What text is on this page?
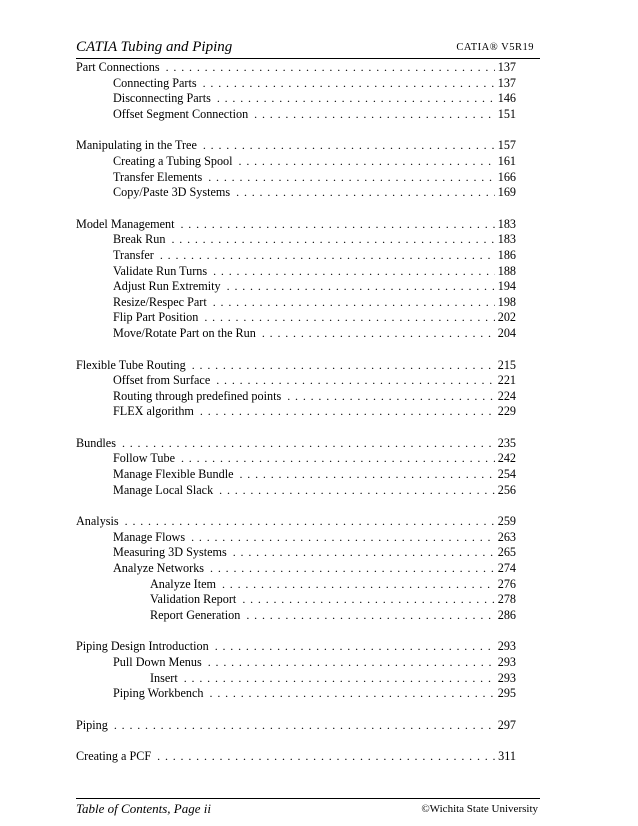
CATIA Tubing and Piping	CATIA® V5R19
Part Connections . . .	137
Connecting Parts . . .	137
Disconnecting Parts . . .	146
Offset Segment Connection . . .	151
Manipulating in the Tree . . .	157
Creating a Tubing Spool . . .	161
Transfer Elements . . .	166
Copy/Paste 3D Systems . . .	169
Model Management . . .	183
Break Run . . .	183
Transfer . . .	186
Validate Run Turns . . .	188
Adjust Run Extremity . . .	194
Resize/Respec Part . . .	198
Flip Part Position . . .	202
Move/Rotate Part on the Run . . .	204
Flexible Tube Routing . . .	215
Offset from Surface . . .	221
Routing through predefined points . . .	224
FLEX algorithm . . .	229
Bundles . . .	235
Follow Tube . . .	242
Manage Flexible Bundle . . .	254
Manage Local Slack . . .	256
Analysis . . .	259
Manage Flows . . .	263
Measuring 3D Systems . . .	265
Analyze Networks . . .	274
Analyze Item . . .	276
Validation Report . . .	278
Report Generation . . .	286
Piping Design Introduction . . .	293
Pull Down Menus . . .	293
Insert . . .	293
Piping Workbench . . .	295
Piping . . .	297
Creating a PCF . . .	311
Table of Contents, Page ii	©Wichita State University
